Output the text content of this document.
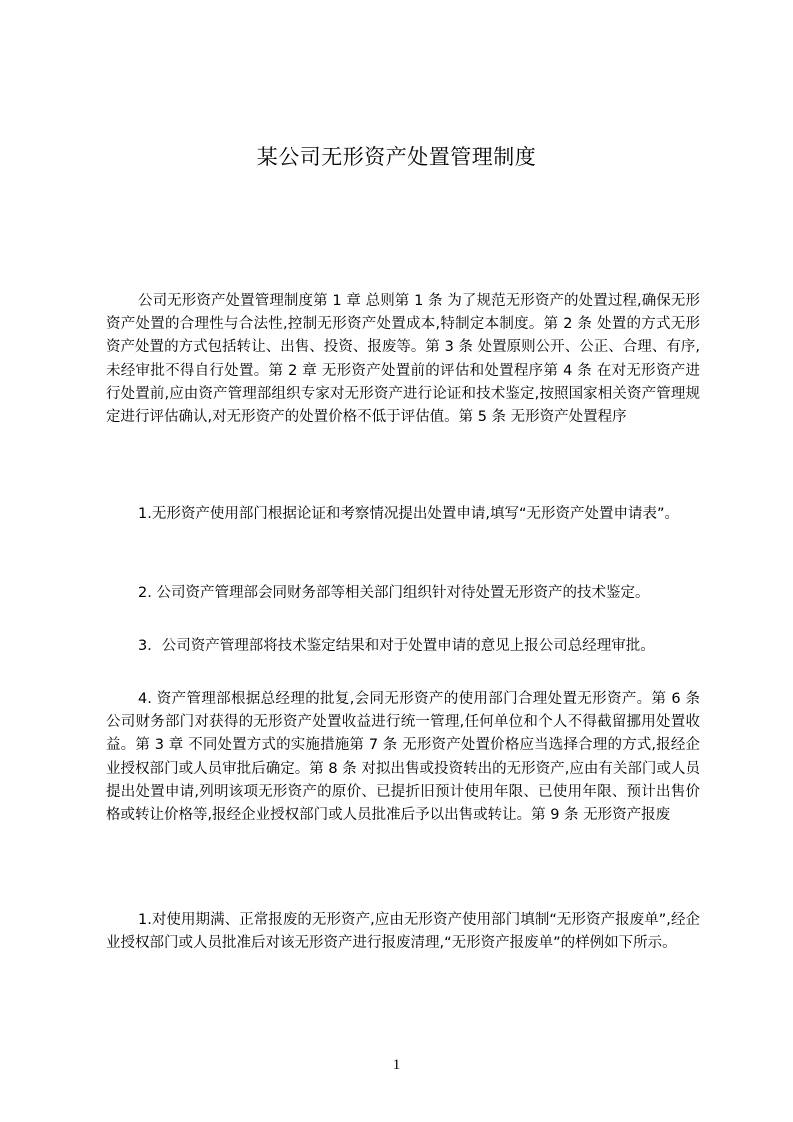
某公司无形资产处置管理制度

公司无形资产处置管理制度第 1 章 总则第 1 条 为了规范无形资产的处置过程,确保无形资产处置的合理性与合法性,控制无形资产处置成本,特制定本制度。第 2 条 处置的方式无形资产处置的方式包括转让、出售、投资、报废等。第 3 条 处置原则公开、公正、合理、有序,未经审批不得自行处置。第 2 章 无形资产处置前的评估和处置程序第 4 条 在对无形资产进行处置前,应由资产管理部组织专家对无形资产进行论证和技术鉴定,按照国家相关资产管理规定进行评估确认,对无形资产的处置价格不低于评估值。第 5 条 无形资产处置程序

1.无形资产使用部门根据论证和考察情况提出处置申请,填写“无形资产处置申请表”。

2. 公司资产管理部会同财务部等相关部门组织针对待处置无形资产的技术鉴定。

3．公司资产管理部将技术鉴定结果和对于处置申请的意见上报公司总经理审批。

4. 资产管理部根据总经理的批复,会同无形资产的使用部门合理处置无形资产。第 6 条 公司财务部门对获得的无形资产处置收益进行统一管理,任何单位和个人不得截留挪用处置收益。第 3 章 不同处置方式的实施措施第 7 条 无形资产处置价格应当选择合理的方式,报经企业授权部门或人员审批后确定。第 8 条 对拟出售或投资转出的无形资产,应由有关部门或人员提出处置申请,列明该项无形资产的原价、已提折旧预计使用年限、已使用年限、预计出售价格或转让价格等,报经企业授权部门或人员批准后予以出售或转让。第 9 条 无形资产报废

1.对使用期满、正常报废的无形资产,应由无形资产使用部门填制“无形资产报废单”,经企业授权部门或人员批准后对该无形资产进行报废清理,“无形资产报废单”的样例如下所示。

1
